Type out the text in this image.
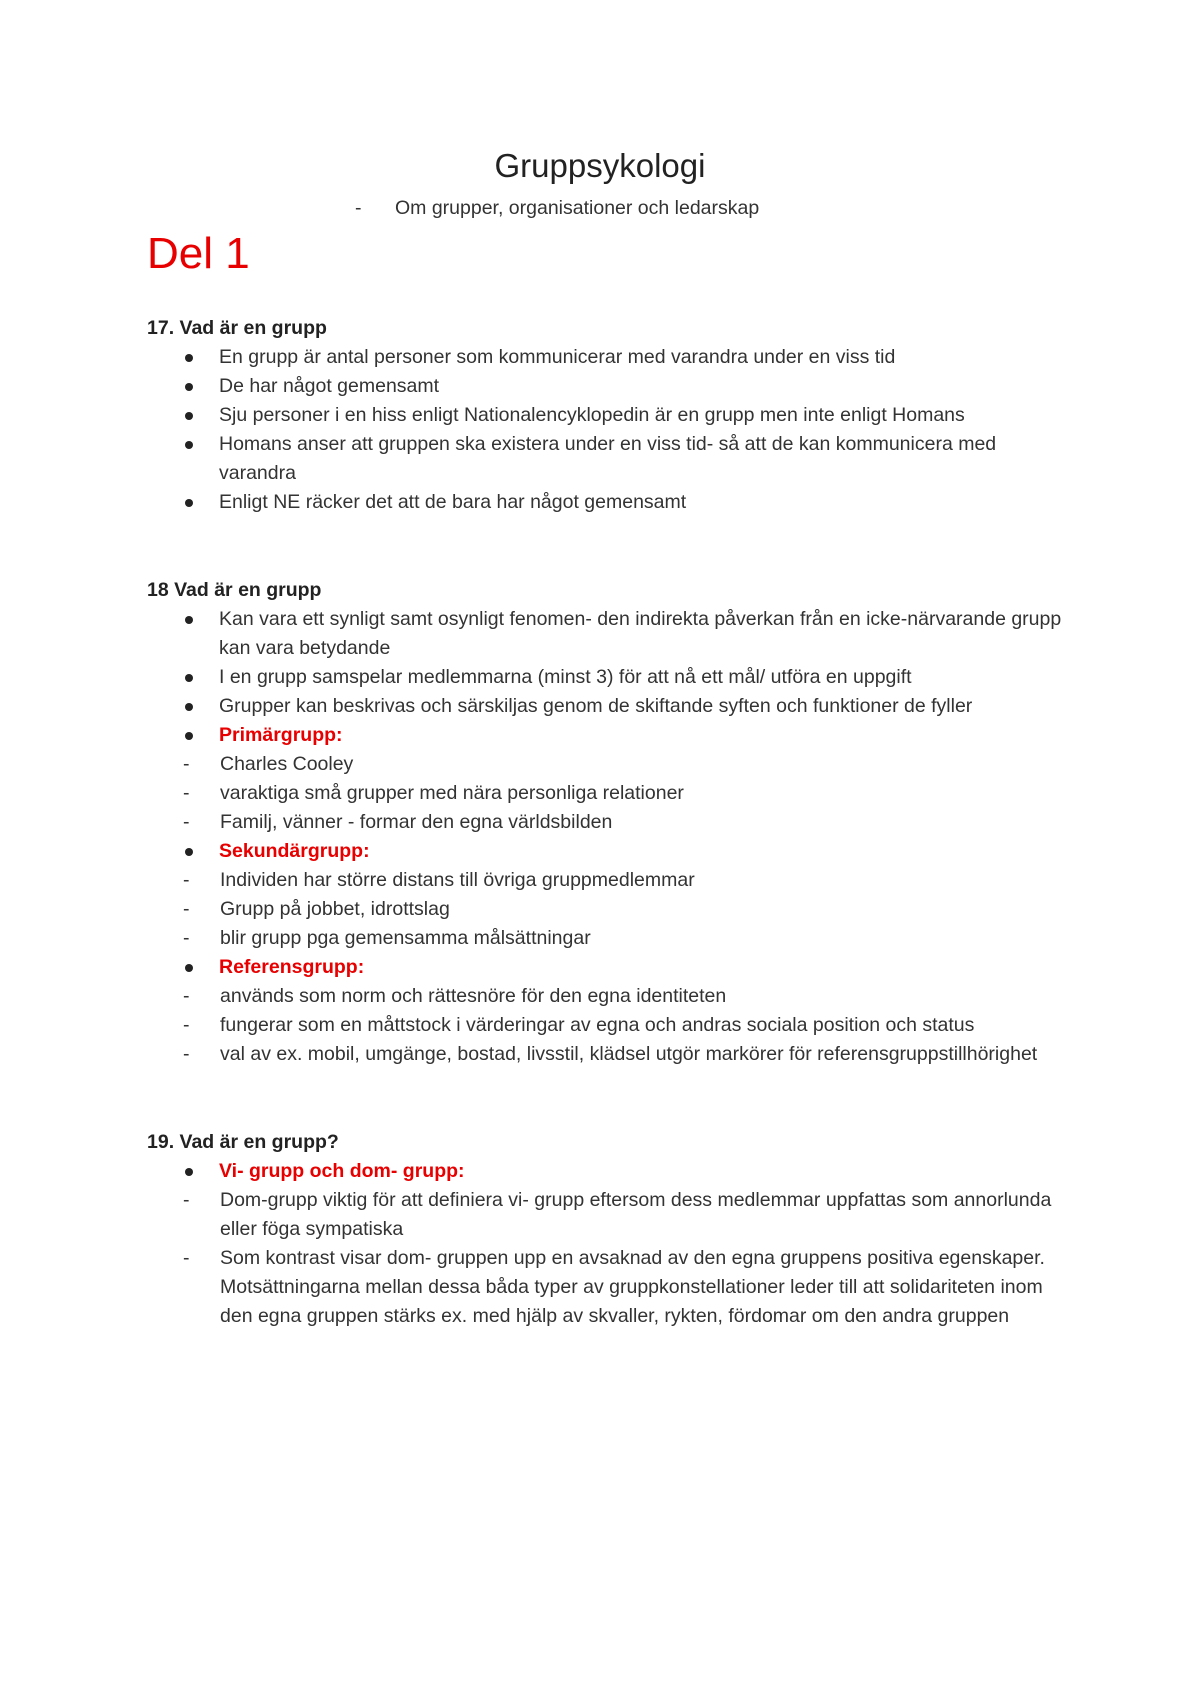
Gruppsykologi
- Om grupper, organisationer och ledarskap
Del 1
17. Vad är en grupp
En grupp är antal personer som kommunicerar med varandra under en viss tid
De har något gemensamt
Sju personer i en hiss enligt Nationalencyklopedin är en grupp men inte enligt Homans
Homans anser att gruppen ska existera under en viss tid- så att de kan kommunicera med varandra
Enligt NE räcker det att de bara har något gemensamt
18 Vad är en grupp
Kan vara ett synligt samt osynligt fenomen- den indirekta påverkan från en icke-närvarande grupp kan vara betydande
I en grupp samspelar medlemmarna (minst 3) för att nå ett mål/ utföra en uppgift
Grupper kan beskrivas och särskiljas genom de skiftande syften och funktioner de fyller
Primärgrupp:
- Charles Cooley
- varaktiga små grupper med nära personliga relationer
- Familj, vänner - formar den egna världsbilden
Sekundärgrupp:
- Individen har större distans till övriga gruppmedlemmar
- Grupp på jobbet, idrottslag
- blir grupp pga gemensamma målsättningar
Referensgrupp:
- används som norm och rättesnöre för den egna identiteten
- fungerar som en måttstock i värderingar av egna och andras sociala position och status
- val av ex. mobil, umgänge, bostad, livsstil, klädsel utgör markörer för referensgruppstillhörighet
19. Vad är en grupp?
Vi- grupp och dom- grupp:
- Dom-grupp viktig för att definiera vi- grupp eftersom dess medlemmar uppfattas som annorlunda eller föga sympatiska
- Som kontrast visar dom- gruppen upp en avsaknad av den egna gruppens positiva egenskaper. Motsättningarna mellan dessa båda typer av gruppkonstellationer leder till att solidariteten inom den egna gruppen stärks ex. med hjälp av skvaller, rykten, fördomar om den andra gruppen
